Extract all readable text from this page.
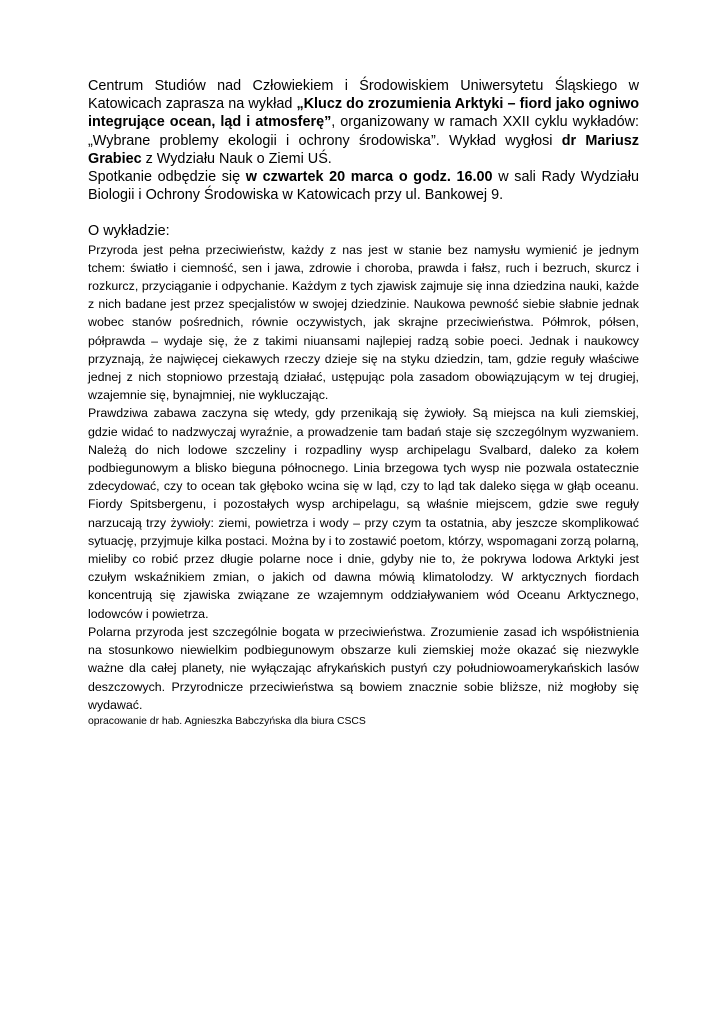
Centrum Studiów nad Człowiekiem i Środowiskiem Uniwersytetu Śląskiego w Katowicach zaprasza na wykład „Klucz do zrozumienia Arktyki – fiord jako ogniwo integrujące ocean, ląd i atmosferę”, organizowany w ramach XXII cyklu wykładów: „Wybrane problemy ekologii i ochrony środowiska”. Wykład wygłosi dr Mariusz Grabiec z Wydziału Nauk o Ziemi UŚ.

Spotkanie odbędzie się w czwartek 20 marca o godz. 16.00 w sali Rady Wydziału Biologii i Ochrony Środowiska w Katowicach przy ul. Bankowej 9.

O wykładzie:

Przyroda jest pełna przeciwieństw, każdy z nas jest w stanie bez namysłu wymienić je jednym tchem: światło i ciemność, sen i jawa, zdrowie i choroba, prawda i fałsz, ruch i bezruch, skurcz i rozkurcz, przyciąganie i odpychanie. Każdym z tych zjawisk zajmuje się inna dziedzina nauki, każde z nich badane jest przez specjalistów w swojej dziedzinie. Naukowa pewność siebie słabnie jednak wobec stanów pośrednich, równie oczywistych, jak skrajne przeciwieństwa. Półmrok, półsen, półprawda – wydaje się, że z takimi niuansami najlepiej radzą sobie poeci. Jednak i naukowcy przyznają, że najwięcej ciekawych rzeczy dzieje się na styku dziedzin, tam, gdzie reguły właściwe jednej z nich stopniowo przestają działać, ustępując pola zasadom obowiązującym w tej drugiej, wzajemnie się, bynajmniej, nie wykluczając.

Prawdziwa zabawa zaczyna się wtedy, gdy przenikają się żywioły. Są miejsca na kuli ziemskiej, gdzie widać to nadzwyczaj wyraźnie, a prowadzenie tam badań staje się szczególnym wyzwaniem. Należą do nich lodowe szczeliny i rozpadliny wysp archipelagu Svalbard, daleko za kołem podbiegunowym a blisko bieguna północnego. Linia brzegowa tych wysp nie pozwala ostatecznie zdecydować, czy to ocean tak głęboko wcina się w ląd, czy to ląd tak daleko sięga w głąb oceanu. Fiordy Spitsbergenu, i pozostałych wysp archipelagu, są właśnie miejscem, gdzie swe reguły narzucają trzy żywioły: ziemi, powietrza i wody – przy czym ta ostatnia, aby jeszcze skomplikować sytuację, przyjmuje kilka postaci. Można by i to zostawić poetom, którzy, wspomagani zorzą polarną, mieliby co robić przez długie polarne noce i dnie, gdyby nie to, że pokrywa lodowa Arktyki jest czułym wskaźnikiem zmian, o jakich od dawna mówią klimatolodzy. W arktycznych fiordach koncentrują się zjawiska związane ze wzajemnym oddziaływaniem wód Oceanu Arktycznego, lodowców i powietrza.

Polarna przyroda jest szczególnie bogata w przeciwieństwa. Zrozumienie zasad ich współistnienia na stosunkowo niewielkim podbiegunowym obszarze kuli ziemskiej może okazać się niezwykle ważne dla całej planety, nie wyłączając afrykańskich pustyń czy południowoamerykańskich lasów deszczowych. Przyrodnicze przeciwieństwa są bowiem znacznie sobie bliższe, niż mogłoby się wydawać.

opracowanie dr hab. Agnieszka Babczyńska dla biura CSCS
